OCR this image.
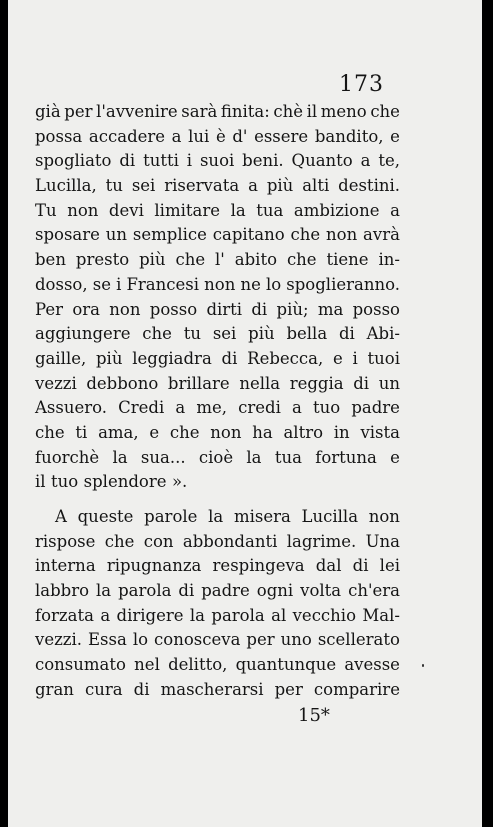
173
già per l'avvenire sarà finita: chè il meno che
possa accadere a lui è d' essere bandito, e
spogliato di tutti i suoi beni. Quanto a te,
Lucilla, tu sei riservata a più alti destini.
Tu non devi limitare la tua ambizione a
sposare un semplice capitano che non avrà
ben presto più che l' abito che tiene in-
dosso, se i Francesi non ne lo spoglieranno.
Per ora non posso dirti di più; ma posso
aggiungere che tu sei più bella di Abi-
gaille, più leggiadra di Rebecca, e i tuoi
vezzi debbono brillare nella reggia di un
Assuero. Credi a me, credi a tuo padre
che ti ama, e che non ha altro in vista
fuorchè la sua... cioè la tua fortuna e
il tuo splendore ».
A queste parole la misera Lucilla non
rispose che con abbondanti lagrime. Una
interna ripugnanza respingeva dal di lei
labbro la parola di padre ogni volta ch'era
forzata a dirigere la parola al vecchio Mal-
vezzi. Essa lo conosceva per uno scellerato
consumato nel delitto, quantunque avesse
gran cura di mascherarsi per comparire
15*
